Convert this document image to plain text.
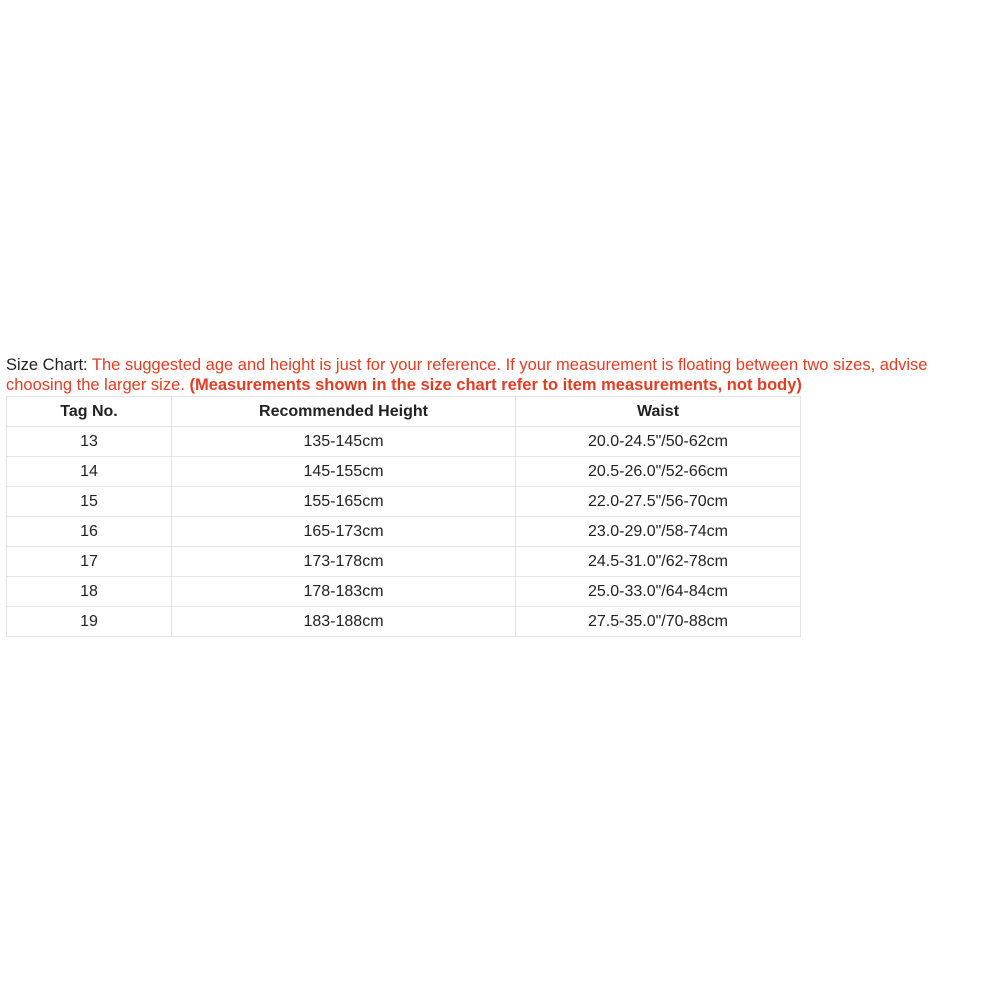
Size Chart: The suggested age and height is just for your reference. If your measurement is floating between two sizes, advise choosing the larger size. (Measurements shown in the size chart refer to item measurements, not body)
Tag No.	Recommended Height	Waist
13	135-145cm	20.0-24.5"/50-62cm
14	145-155cm	20.5-26.0"/52-66cm
15	155-165cm	22.0-27.5"/56-70cm
16	165-173cm	23.0-29.0"/58-74cm
17	173-178cm	24.5-31.0"/62-78cm
18	178-183cm	25.0-33.0"/64-84cm
19	183-188cm	27.5-35.0"/70-88cm
